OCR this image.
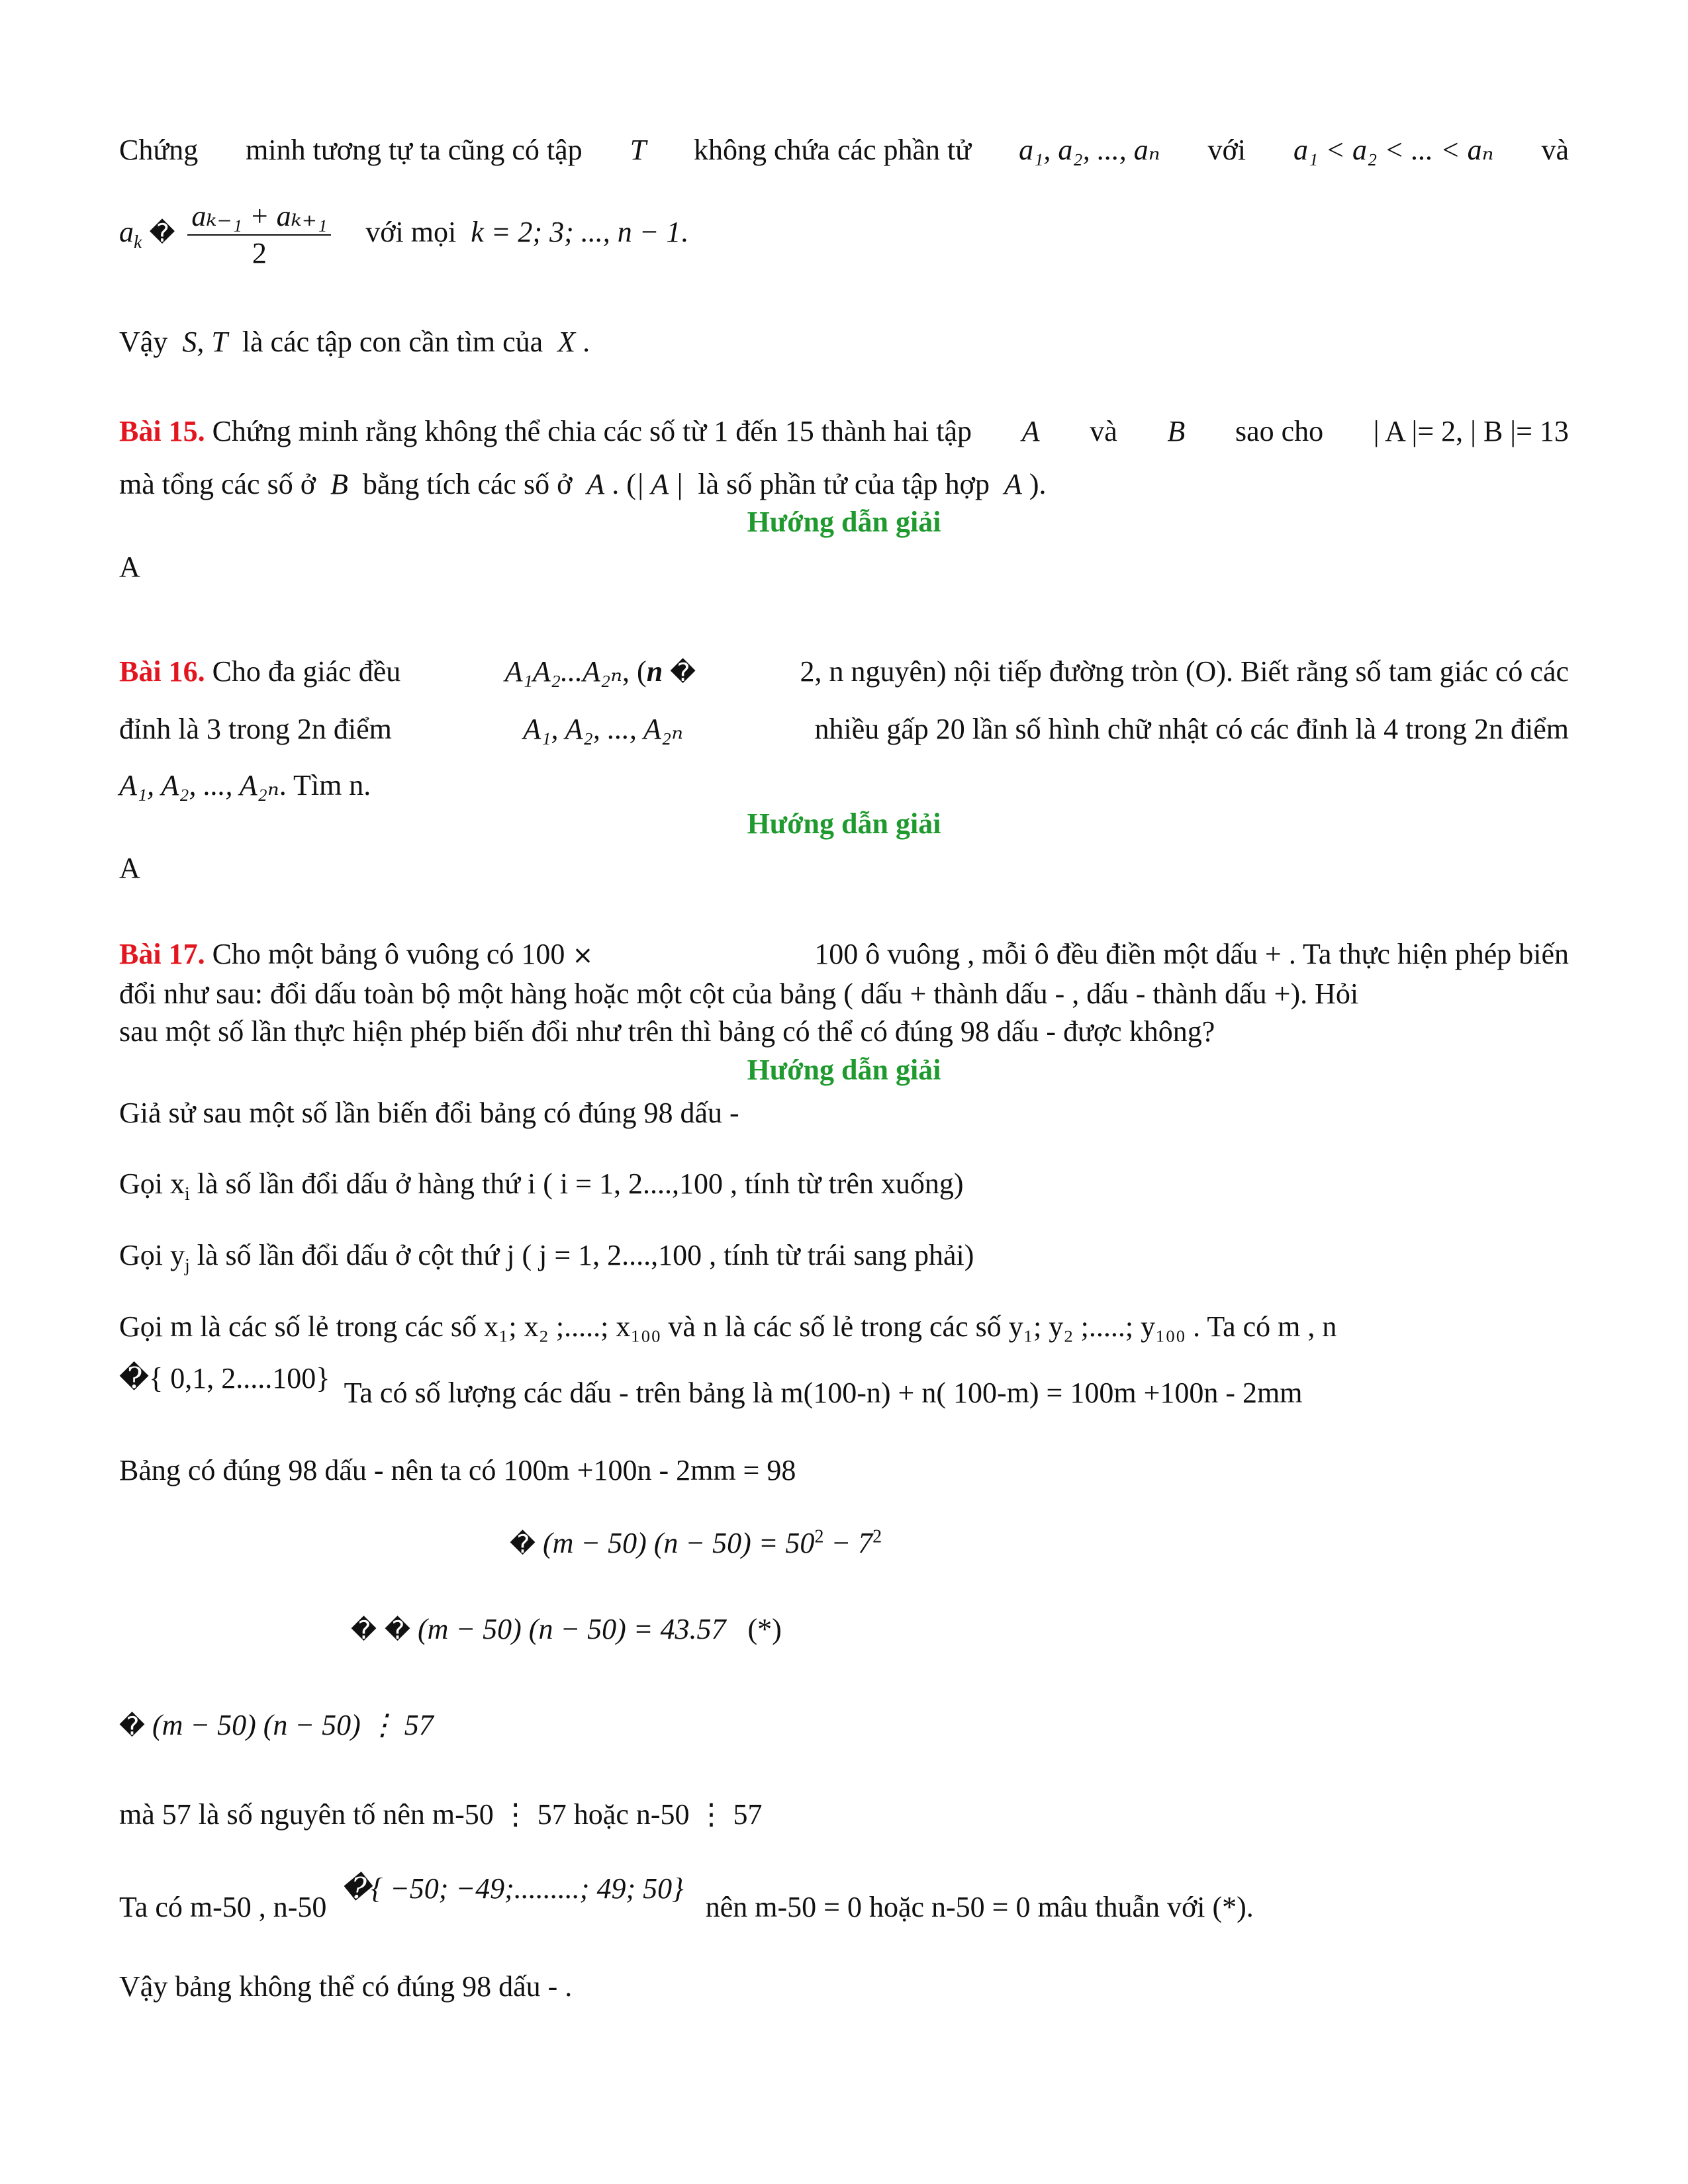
Chứng minh tương tự ta cũng có tập T không chứa các phần tử a₁, a₂, ..., aₙ với a₁ < a₂ < ... < aₙ và
$a_k$ � $\frac{\text{aₖ₋₁ + aₖ₊₁}}{2}$ với mọi k = 2; 3; ..., n − 1.
Vậy S, T là các tập con cần tìm của X .
Bài 15. Chứng minh rằng không thể chia các số từ 1 đến 15 thành hai tập A và B sao cho | A |= 2, | B |= 13
mà tổng các số ở B bằng tích các số ở A . (| A | là số phần tử của tập hợp A ).
Hướng dẫn giải
A
Bài 16. Cho đa giác đều	A₁A₂...A₂ₙ, (n �	2, n nguyên) nội tiếp đường tròn (O). Biết rằng số tam giác có các
đỉnh là 3 trong 2n điểm	A₁, A₂, ..., A₂ₙ	nhiều gấp 20 lần số hình chữ nhật có các đỉnh là 4 trong 2n điểm
A₁, A₂, ..., A₂ₙ. Tìm n.
Hướng dẫn giải
A
Bài 17. Cho một bảng ô vuông có 100 ×	100 ô vuông , mỗi ô đều điền một dấu + . Ta thực hiện phép biến
đổi như sau: đổi dấu toàn bộ một hàng hoặc một cột của bảng ( dấu + thành dấu - , dấu - thành dấu +). Hỏi
sau một số lần thực hiện phép biến đổi như trên thì bảng có thể có đúng 98 dấu - được không?
Hướng dẫn giải
Giả sử sau một số lần biến đổi bảng có đúng 98 dấu -
Gọi $x_i$ là số lần đổi dấu ở hàng thứ i ( i = 1, 2....,100 , tính từ trên xuống)
Gọi $y_j$ là số lần đổi dấu ở cột thứ j ( j = 1, 2....,100 , tính từ trái sang phải)
Gọi m là các số lẻ trong các số x₁; x₂ ;.....; x₁₀₀ và n là các số lẻ trong các số y₁; y₂ ;.....; y₁₀₀ . Ta có m , n
�{ 0,1, 2.....100} Ta có số lượng các dấu - trên bảng là m(100-n) + n( 100-m) = 100m +100n - 2mm
Bảng có đúng 98 dấu - nên ta có 100m +100n - 2mm = 98
� (m − 50) $(n - 50) = 50^2 - 7^2$
� � (m − 50) (n − 50) = 43.57 (*)
� (m − 50) (n − 50) ⋮ 57
mà 57 là số nguyên tố nên m-50 ⋮ 57 hoặc n-50 ⋮ 57
Ta có m-50 , n-50  �{ −50; −49;.........; 49; 50}   nên m-50 = 0 hoặc n-50 = 0 mâu thuẫn với (*).
Vậy bảng không thể có đúng 98 dấu - .
